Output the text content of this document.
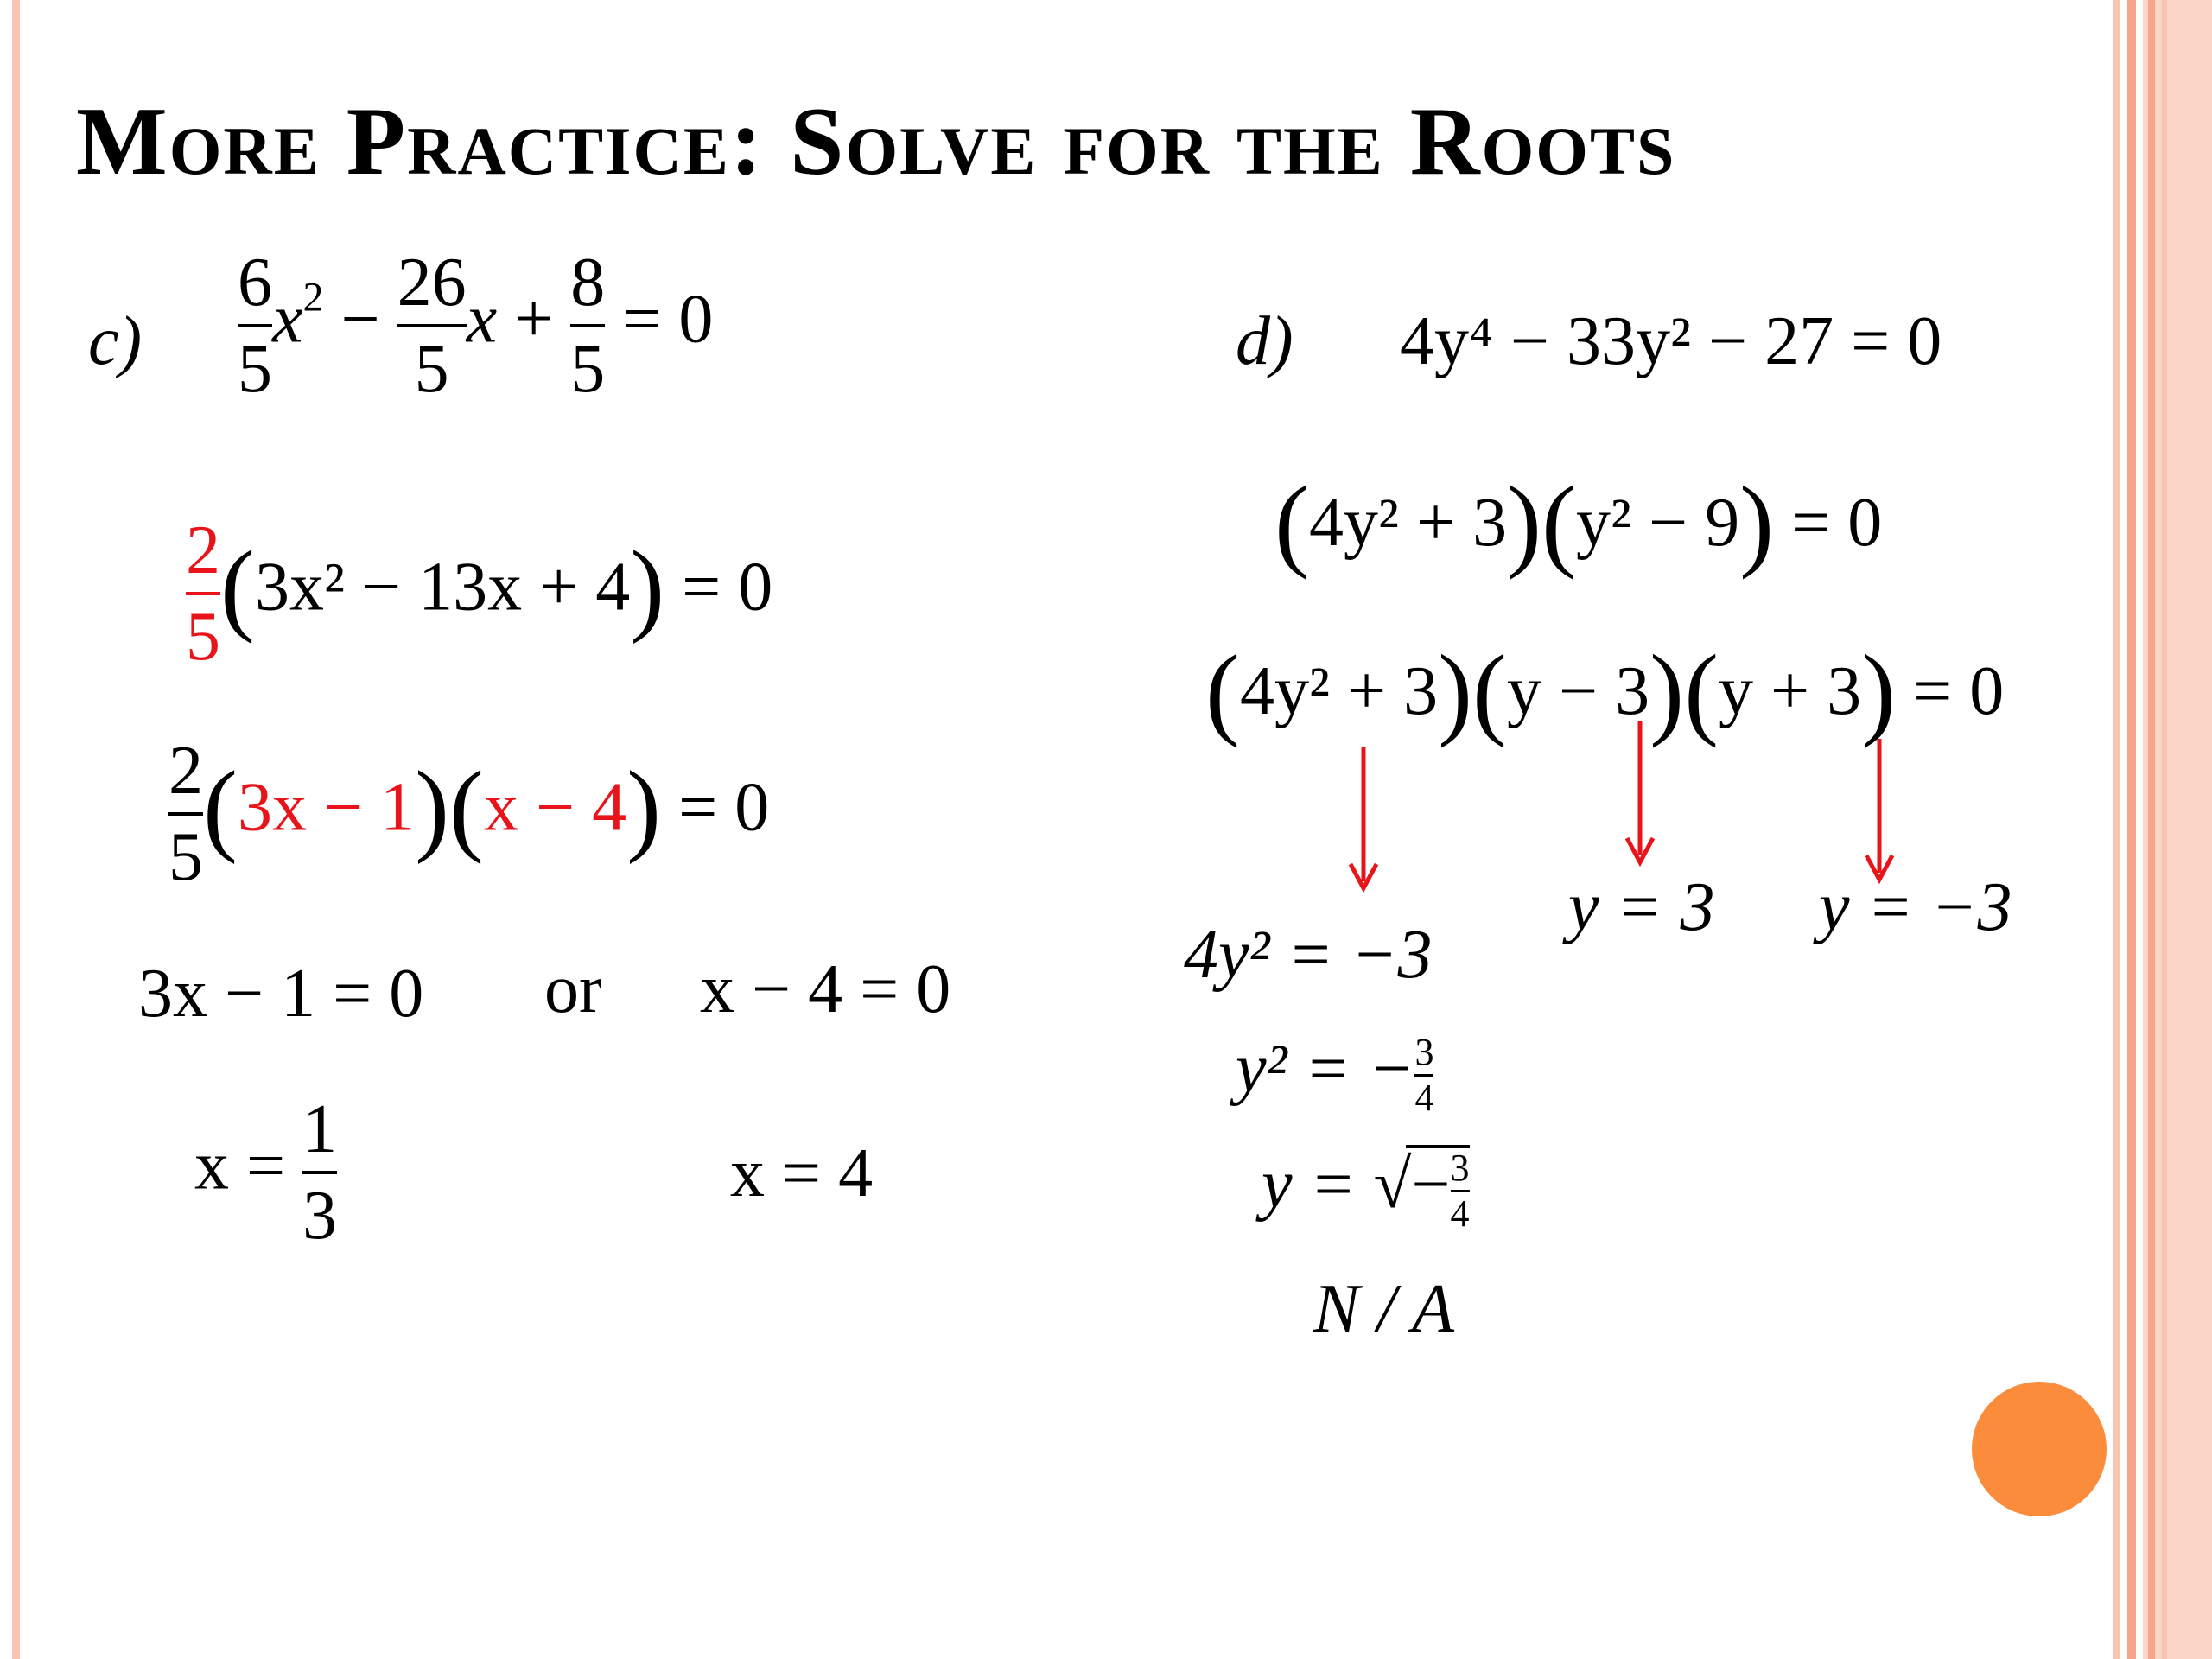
More Practice: Solve for the Roots
$c) \frac{6}{5} x^2 - \frac{26}{5}$ $x + \frac{8}{5} = 0$
$\frac{2}{5} (3x^2 - 13x + 4) = 0$
$\frac{2}{5} (3x - 1)(x - 4) = 0$
3x − 1 = 0 or x − 4 = 0
$x = \frac{1}{3}$	x = 4
d) 4y⁴ − 33y² − 27 = 0
(4y² + 3)(y² − 9) = 0
(4y² + 3)(y − 3)(y + 3) = 0
y = 3 y = −3
4y² = −3
y² = − $\frac{3}{4}$
y = √− $\frac{3}{4}$
N / A
